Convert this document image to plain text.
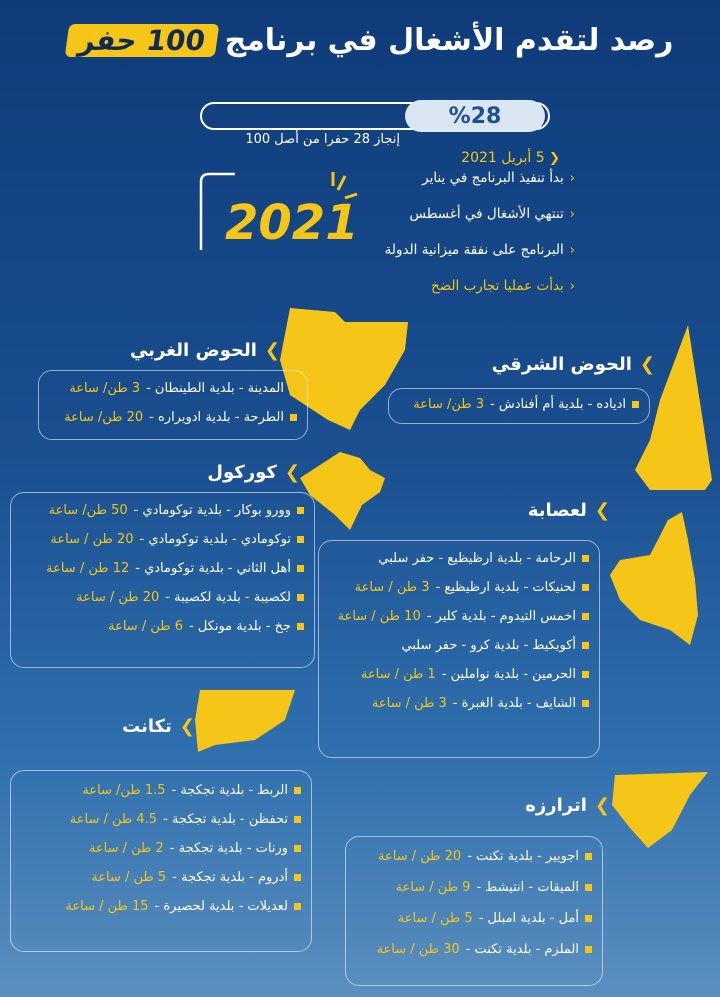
رصد لتقدم الأشغال في برنامج
100 حفر
%28
إنجاز 28 حفرا من أصل 100
❮ 5 أبريل 2021
2021
‹
بدأ تنفيذ البرنامج في يناير
‹
تنتهي الأشغال في أغسطس
‹
البرنامج على نفقة ميزانية الدولة
‹
بدأت عمليا تجارب الضخ
❯
الحوض الغربي
المدينة - بلدية الطينطان -
3 طن/ ساعة
الطرحة - بلدية ادويراره -
20 طن/ ساعة
❯
الحوض الشرقي
ادياده - بلدية أم أفنادش -
3 طن/ ساعة
❯
كوركول
وورو بوكار - بلدية توكومادي -
50 طن/ ساعة
توكومادي - بلدية توكومادي -
20 طن / ساعة
أهل الثاني - بلدية توكومادي -
12 طن / ساعة
لكصيبة - بلدية لكصيبة -
20 طن / ساعة
جخ - بلدية مونكل -
6 طن / ساعة
❯
لعصابة
الرحامة - بلدية ارظيظيع - حفر سلبي
لحنيكات - بلدية ارظيظيع -
3 طن / ساعة
اخمس التيدوم - بلدية كلير -
10 طن / ساعة
أكويكيط - بلدية كرو - حفر سلبي
الحرمين - بلدية نواملين -
1 طن / ساعة
الشايف - بلدية الغبرة -
3 طن / ساعة
❯
تكانت
الربط - بلدية تجكجة -
1.5 طن/ ساعة
تحفظن - بلدية تجكجة -
4.5 طن / ساعة
ورنات - بلدية تجكجة -
2 طن / ساعة
أدروم - بلدية تجكجة -
5 طن / ساعة
لعديلات - بلدية لحصيرة -
15 طن / ساعة
❯
اترارزه
اجويير - بلدية تكنت -
20 طن / ساعة
الميقات - انتيشط -
9 طن / ساعة
أمل - بلدية امبلل -
5 طن / ساعة
الملزم - بلدية تكنت -
30 طن / ساعة
